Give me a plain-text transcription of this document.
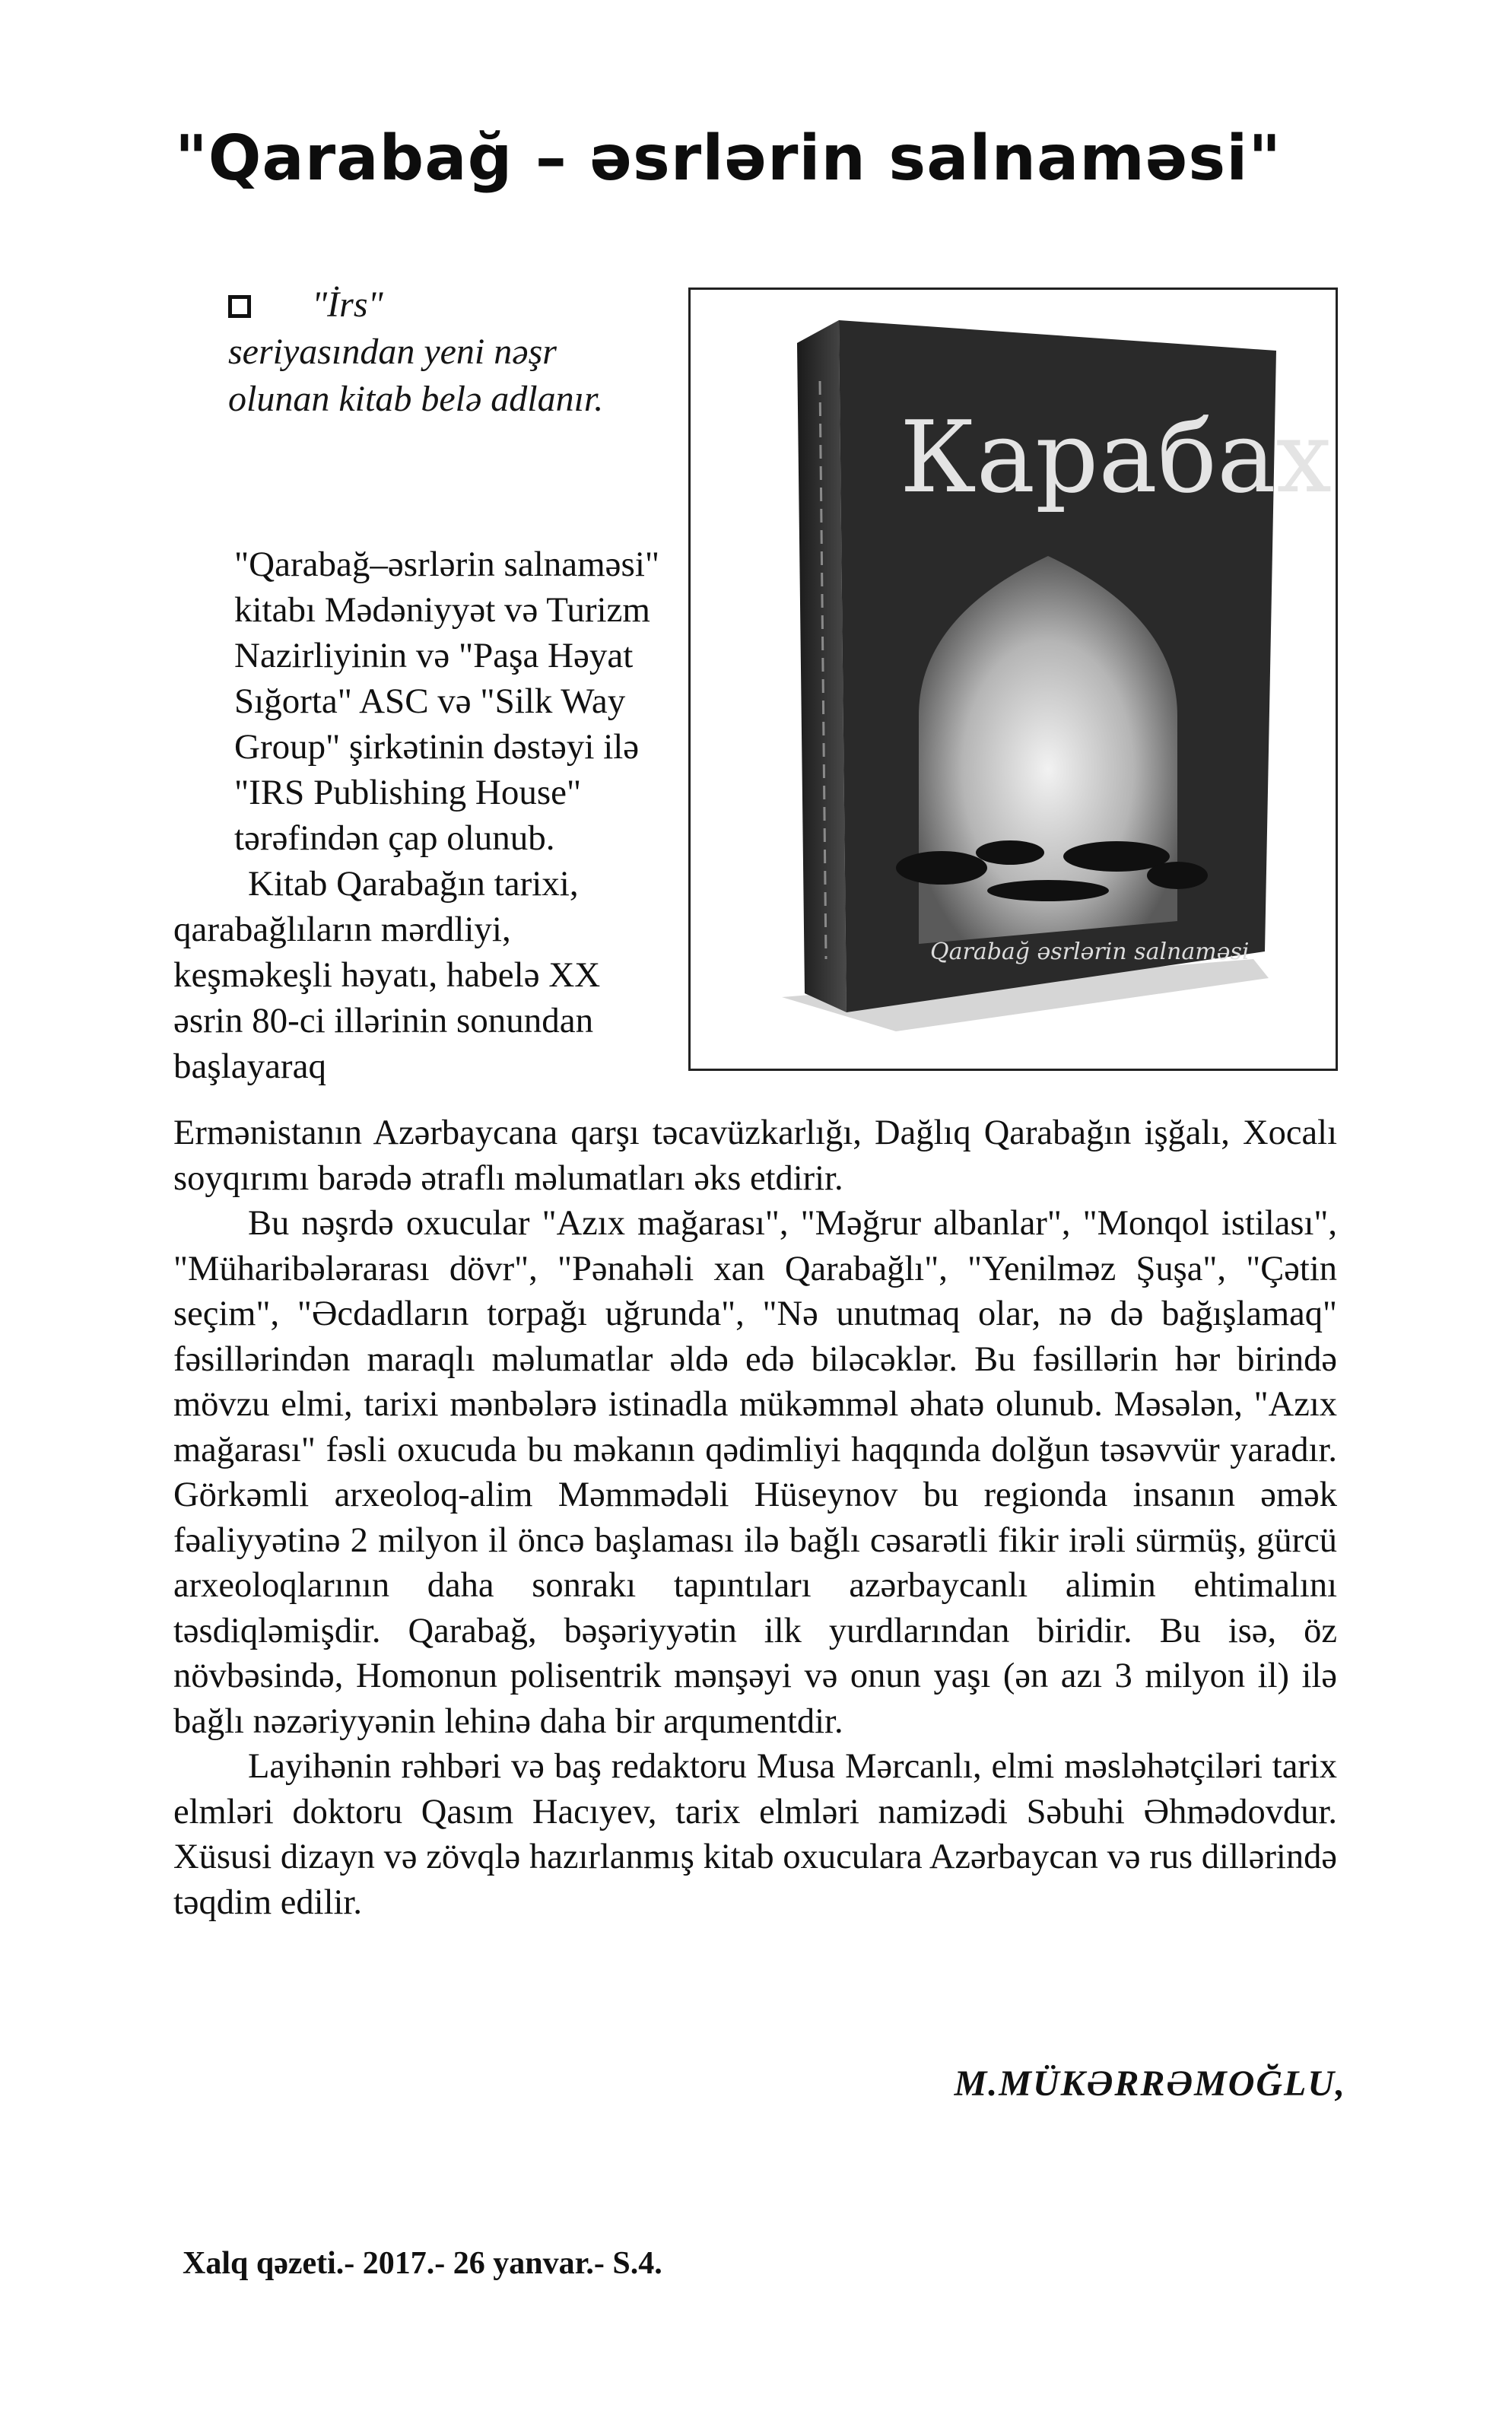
"Qarabağ – əsrlərin salnaməsi"
"İrs"
seriyasından yeni nəşr olunan kitab belə adlanır.

"Qarabağ–əsrlərin salnaməsi" kitabı Mədəniyyət və Turizm Nazirliyinin və "Paşa Həyat Sığorta" ASC və "Silk Way Group" şirkətinin dəstəyi ilə "IRS Publishing House" tərəfindən çap olunub.

Kitab Qarabağın tarixi, qarabağlıların mərdliyi, keşməkeşli həyatı, habelə XX əsrin 80-ci illərinin sonundan başlayaraq

Карабах
Qarabağ əsrlərin salnaməsi

Ermənistanın Azərbaycana qarşı təcavüzkarlığı, Dağlıq Qarabağın işğalı, Xocalı soyqırımı barədə ətraflı məlumatları əks etdirir.

Bu nəşrdə oxucular "Azıx mağarası", "Məğrur albanlar", "Monqol istilası", "Müharibələrarası dövr", "Pənahəli xan Qarabağlı", "Yenilməz Şuşa", "Çətin seçim", "Əcdadların torpağı uğrunda", "Nə unutmaq olar, nə də bağışlamaq" fəsillərindən maraqlı məlumatlar əldə edə biləcəklər. Bu fəsillərin hər birində mövzu elmi, tarixi mənbələrə istinadla mükəmməl əhatə olunub. Məsələn, "Azıx mağarası" fəsli oxucuda bu məkanın qədimliyi haqqında dolğun təsəvvür yaradır. Görkəmli arxeoloq-alim Məmmədəli Hüseynov bu regionda insanın əmək fəaliyyətinə 2 milyon il öncə başlaması ilə bağlı cəsarətli fikir irəli sürmüş, gürcü arxeoloqlarının daha sonrakı tapıntıları azərbaycanlı alimin ehtimalını təsdiqləmişdir. Qarabağ, bəşəriyyətin ilk yurdlarından biridir. Bu isə, öz növbəsində, Homonun polisentrik mənşəyi və onun yaşı (ən azı 3 milyon il) ilə bağlı nəzəriyyənin lehinə daha bir arqumentdir.

Layihənin rəhbəri və baş redaktoru Musa Mərcanlı, elmi məsləhətçiləri tarix elmləri doktoru Qasım Hacıyev, tarix elmləri namizədi Səbuhi Əhmədovdur. Xüsusi dizayn və zövqlə hazırlanmış kitab oxuculara Azərbaycan və rus dillərində təqdim edilir.

M.MÜKƏRRƏMOĞLU,
Xalq qəzeti.- 2017.- 26 yanvar.- S.4.
